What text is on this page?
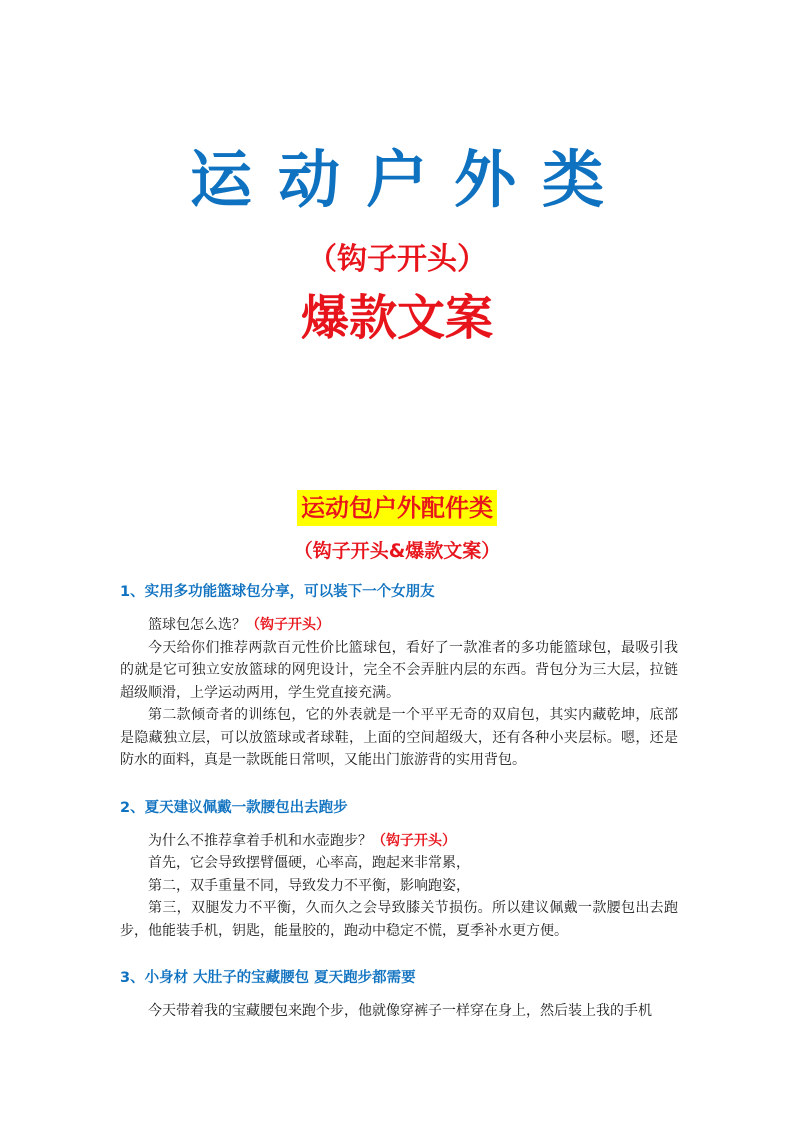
运动户外类
（钩子开头）
爆款文案
运动包户外配件类
（钩子开头&爆款文案）
1、实用多功能篮球包分享，可以装下一个女朋友

篮球包怎么选？（钩子开头）

今天给你们推荐两款百元性价比篮球包，看好了一款准者的多功能篮球包，最吸引我的就是它可独立安放篮球的网兜设计，完全不会弄脏内层的东西。背包分为三大层，拉链超级顺滑，上学运动两用，学生党直接充满。

第二款倾奇者的训练包，它的外表就是一个平平无奇的双肩包，其实内藏乾坤，底部是隐藏独立层，可以放篮球或者球鞋，上面的空间超级大，还有各种小夹层标。嗯，还是防水的面料，真是一款既能日常呗，又能出门旅游背的实用背包。

2、夏天建议佩戴一款腰包出去跑步

为什么不推荐拿着手机和水壶跑步？（钩子开头）

首先，它会导致摆臂僵硬，心率高，跑起来非常累，

第二，双手重量不同，导致发力不平衡，影响跑姿，

第三，双腿发力不平衡，久而久之会导致膝关节损伤。所以建议佩戴一款腰包出去跑步，他能装手机，钥匙，能量胶的，跑动中稳定不慌，夏季补水更方便。

3、小身材 大肚子的宝藏腰包 夏天跑步都需要

今天带着我的宝藏腰包来跑个步，他就像穿裤子一样穿在身上，然后装上我的手机
